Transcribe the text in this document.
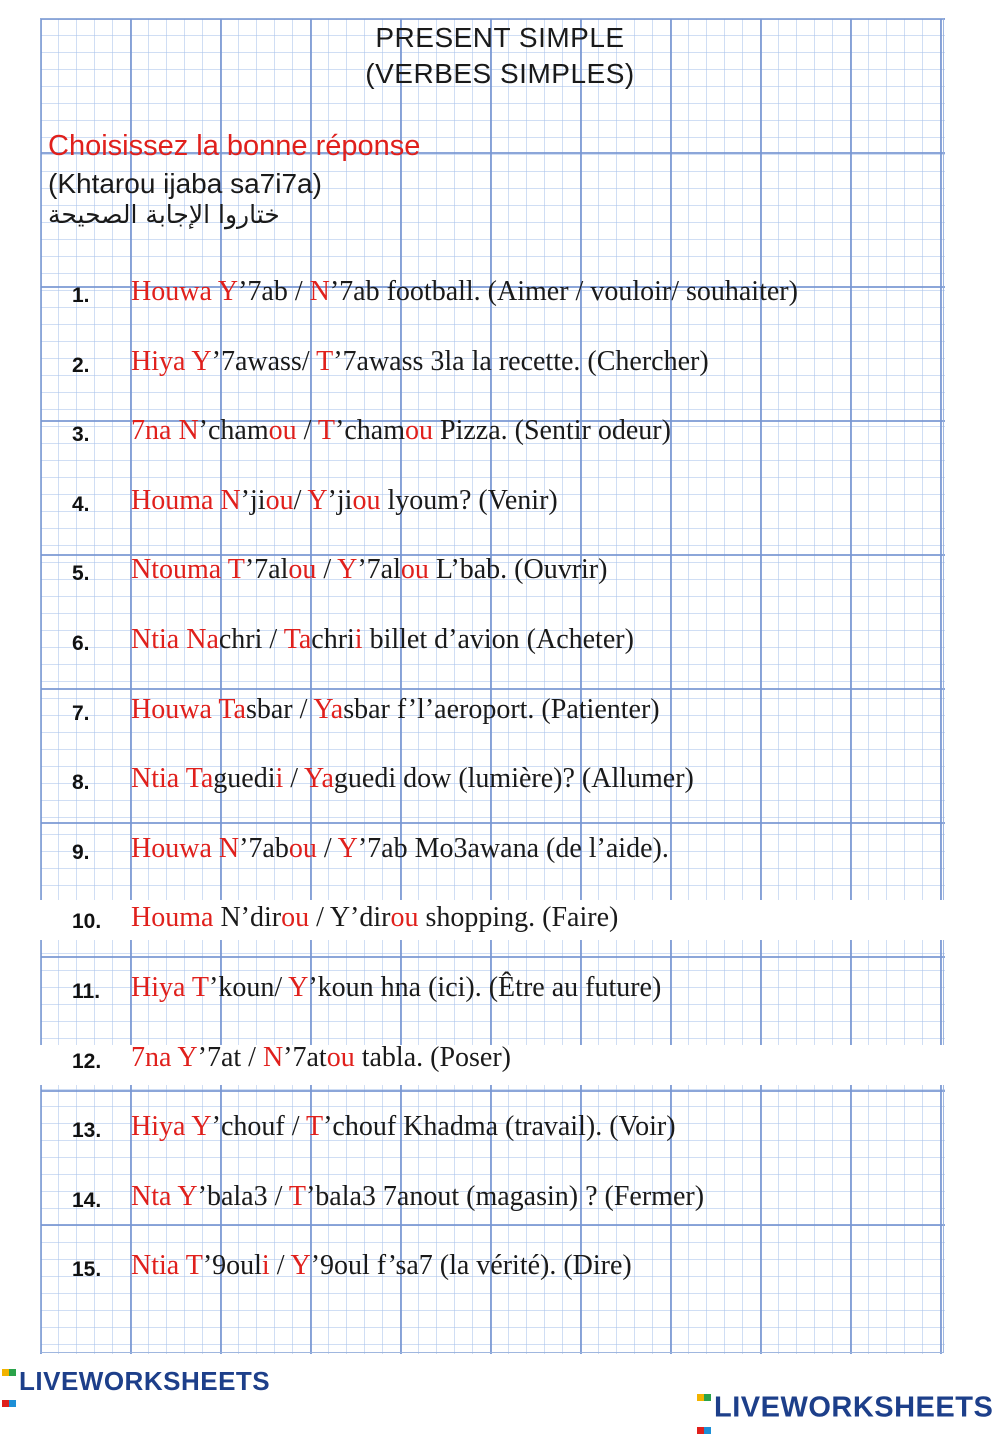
PRESENT SIMPLE
(VERBES SIMPLES)
Choisissez la bonne réponse
(Khtarou ijaba sa7i7a)
ختاروا الإجابة الصحيحة
1. Houwa Y’7ab / N’7ab football. (Aimer / vouloir/ souhaiter)
2. Hiya Y’7awass/ T’7awass 3la la recette. (Chercher)
3. 7na N’chamou / T’chamou Pizza. (Sentir odeur)
4. Houma N’jiou/ Y’jiou lyoum? (Venir)
5. Ntouma T’7alou / Y’7alou L’bab. (Ouvrir)
6. Ntia Nachri / Tachrii billet d’avion (Acheter)
7. Houwa Tasbar / Yasbar f’l’aeroport. (Patienter)
8. Ntia Taguedii / Yaguedi dow (lumière)? (Allumer)
9. Houwa N’7abou / Y’7ab Mo3awana (de l’aide).
10. Houma N’dirou / Y’dirou shopping. (Faire)
11. Hiya T’koun/ Y’koun hna (ici). (Être au future)
12. 7na Y’7at / N’7atou tabla. (Poser)
13. Hiya Y’chouf / T’chouf Khadma (travail). (Voir)
14. Nta Y’bala3 / T’bala3 7anout (magasin) ? (Fermer)
15. Ntia T’9ouli / Y’9oul f’sa7 (la vérité). (Dire)

LIVEWORKSHEETS

LIVEWORKSHEETS
